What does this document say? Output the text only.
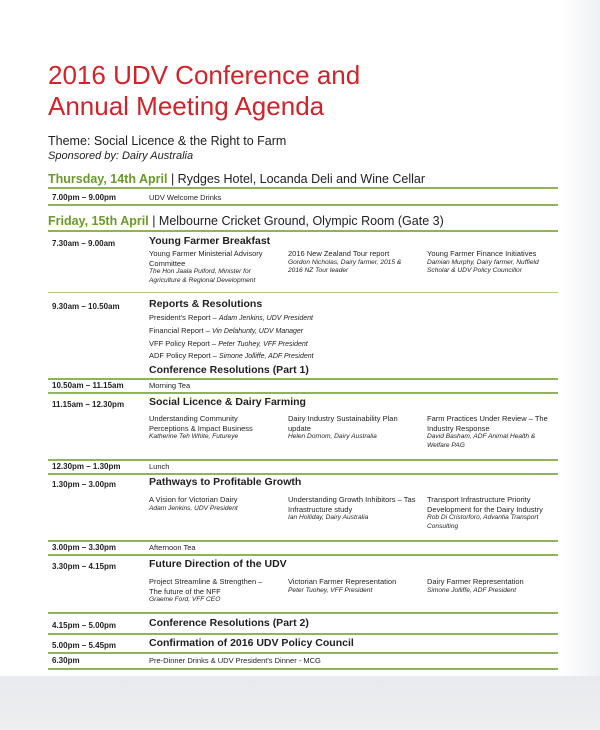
2016 UDV Conference and
Annual Meeting Agenda
Theme: Social Licence & the Right to Farm
Sponsored by: Dairy Australia
Thursday, 14th April | Rydges Hotel, Locanda Deli and Wine Cellar
7.00pm – 9.00pm	UDV Welcome Drinks
Friday, 15th April | Melbourne Cricket Ground, Olympic Room (Gate 3)
7.30am – 9.00am	Young Farmer Breakfast
Young Farmer Ministerial Advisory Committee
The Hon Jaala Pulford, Minister for Agriculture & Regional Development
2016 New Zealand Tour report
Gordon Nicholas, Dairy farmer, 2015 & 2016 NZ Tour leader
Young Farmer Finance Initiatives
Damian Murphy, Dairy farmer, Nuffield Scholar & UDV Policy Councillor
9.30am – 10.50am	Reports & Resolutions
President's Report – Adam Jenkins, UDV President
Financial Report – Vin Delahunty, UDV Manager
VFF Policy Report – Peter Tuohey, VFF President
ADF Policy Report – Simone Jolliffe, ADF President
Conference Resolutions (Part 1)
10.50am – 11.15am	Morning Tea
11.15am – 12.30pm Social Licence & Dairy Farming
Understanding Community Perceptions & Impact Business
Katherine Teh White, Futureye
Dairy Industry Sustainability Plan update
Helen Dornom, Dairy Australia
Farm Practices Under Review – The Industry Response
David Basham, ADF Animal Health & Welfare PAG
12.30pm – 1.30pm	Lunch
1.30pm – 3.00pm	Pathways to Profitable Growth
A Vision for Victorian Dairy
Adam Jenkins, UDV President
Understanding Growth Inhibitors – Tas Infrastructure study
Ian Holliday, Dairy Australia
Transport Infrastructure Priority Development for the Dairy Industry
Rob Di Cristorforo, Advantia Transport Consulting
3.00pm – 3.30pm	Afternoon Tea
3.30pm – 4.15pm	Future Direction of the UDV
Project Streamline & Strengthen – The future of the NFF
Graeme Ford, VFF CEO
Victorian Farmer Representation
Peter Tuohey, VFF President
Dairy Farmer Representation
Simone Jolliffe, ADF President
4.15pm – 5.00pm	Conference Resolutions (Part 2)
5.00pm – 5.45pm	Confirmation of 2016 UDV Policy Council
6.30pm	Pre-Dinner Drinks & UDV President's Dinner - MCG
